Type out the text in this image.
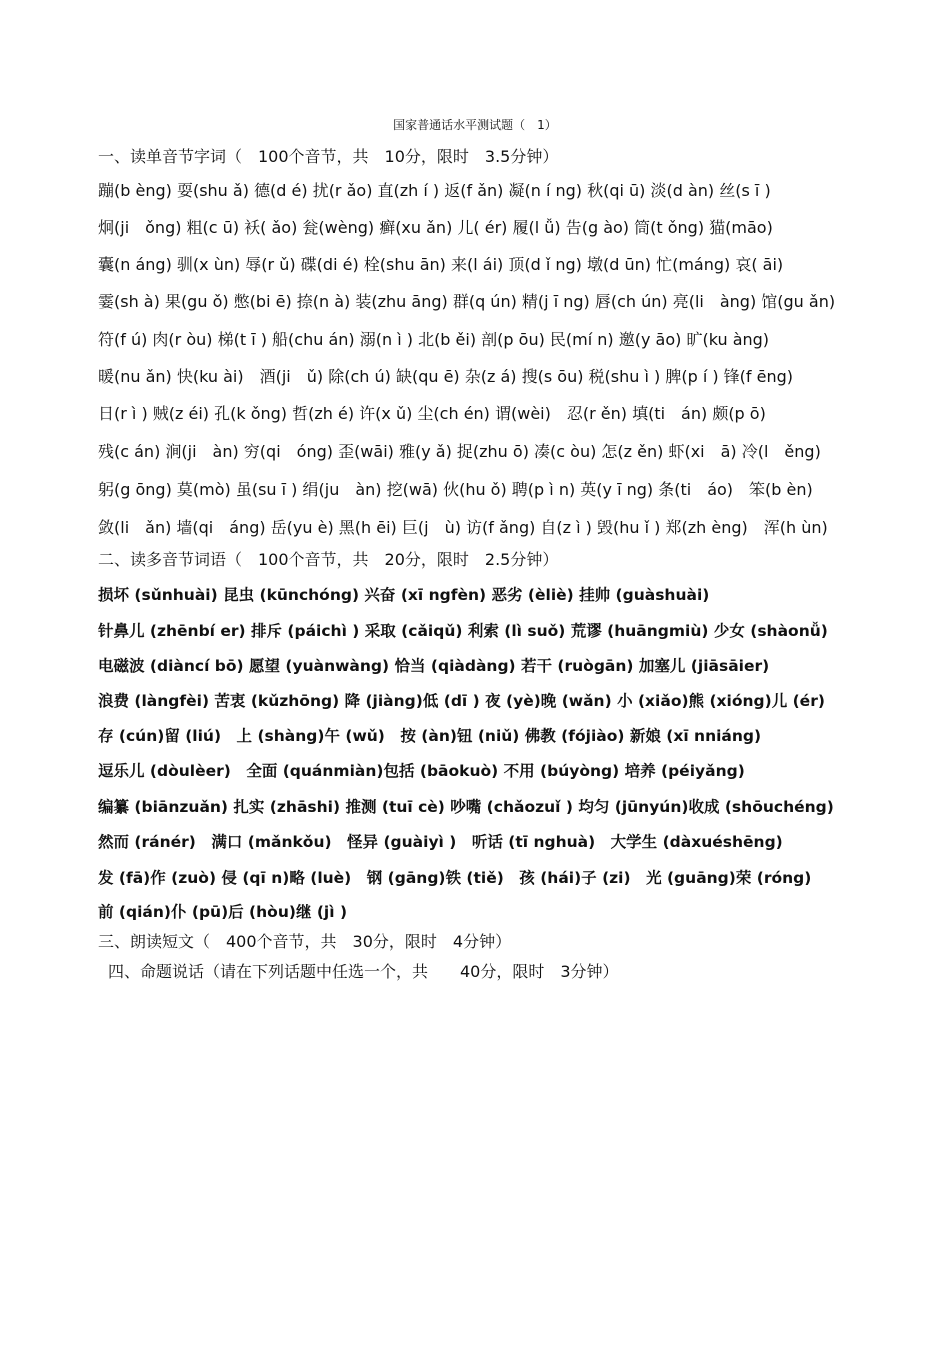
国家普通话水平测试题（　1）
一、读单音节字词（　100个音节，共　10分，限时　3.5分钟）
蹦(b èng) 耍(shu ǎ) 德(d é) 扰(r ǎo) 直(zh í ) 返(f ǎn) 凝(n í ng) 秋(qi ū) 淡(d àn) 丝(s ī )
炯(ji　ǒng) 粗(c ū) 袄( ǎo) 瓮(wèng) 癣(xu ǎn) 儿( ér) 履(l ǚ) 告(g ào) 筒(t ǒng) 猫(māo)
囊(n áng) 驯(x ùn) 辱(r ǔ) 碟(di é) 栓(shu ān) 来(l ái) 顶(d ǐ ng) 墩(d ūn) 忙(máng) 哀( āi)
霎(sh à) 果(gu ǒ) 憋(bi ē) 捺(n à) 装(zhu āng) 群(q ún) 精(j ī ng) 唇(ch ún) 亮(li　àng) 馆(gu ǎn)
符(f ú) 肉(r òu) 梯(t ī ) 船(chu án) 溺(n ì ) 北(b ěi) 剖(p ōu) 民(mí n) 邀(y āo) 旷(ku àng)
暖(nu ǎn) 快(ku ài)　酒(ji　ǔ) 除(ch ú) 缺(qu ē) 杂(z á) 搜(s ōu) 税(shu ì ) 脾(p í ) 锋(f ēng)
日(r ì ) 贼(z éi) 孔(k ǒng) 哲(zh é) 许(x ǔ) 尘(ch én) 谓(wèi)　忍(r ěn) 填(ti　án) 颇(p ō)
残(c án) 涧(ji　àn) 穷(qi　óng) 歪(wāi) 雅(y ǎ) 捉(zhu ō) 凑(c òu) 怎(z ěn) 虾(xi　ā) 冷(l　ěng)
躬(g ōng) 莫(mò) 虽(su ī ) 绢(ju　àn) 挖(wā) 伙(hu ǒ) 聘(p ì n) 英(y ī ng) 条(ti　áo)　笨(b èn)
敛(li　ǎn) 墙(qi　áng) 岳(yu è) 黑(h ēi) 巨(j　ù) 访(f ǎng) 自(z ì ) 毁(hu ǐ ) 郑(zh èng)　浑(h ùn)
二、读多音节词语（　100个音节，共　20分，限时　2.5分钟）
损坏 (sǔnhuài) 昆虫 (kūnchóng) 兴奋 (xī ngfèn) 恶劣 (èliè) 挂帅 (guàshuài)
针鼻儿 (zhēnbí er) 排斥 (páichì ) 采取 (cǎiqǔ) 利索 (lì suǒ) 荒谬 (huāngmiù) 少女 (shàonǚ)
电磁波 (diàncí bō) 愿望 (yuànwàng) 恰当 (qiàdàng) 若干 (ruògān) 加塞儿 (jiāsāier)
浪费 (làngfèi) 苦衷 (kǔzhōng) 降 (jiàng)低 (dī ) 夜 (yè)晚 (wǎn) 小 (xiǎo)熊 (xióng)儿 (ér)
存 (cún)留 (liú)　上 (shàng)午 (wǔ)　按 (àn)钮 (niǔ) 佛教 (fójiào) 新娘 (xī nniáng)
逗乐儿 (dòulèer)　全面 (quánmiàn)包括 (bāokuò) 不用 (búyòng) 培养 (péiyǎng)
编纂 (biānzuǎn) 扎实 (zhāshi) 推测 (tuī cè) 吵嘴 (chǎozuǐ ) 均匀 (jūnyún)收成 (shōuchéng)
然而 (ránér)　满口 (mǎnkǒu)　怪异 (guàiyì )　听话 (tī nghuà)　大学生 (dàxuéshēng)
发 (fā)作 (zuò) 侵 (qī n)略 (luè)　钢 (gāng)铁 (tiě)　孩 (hái)子 (zi)　光 (guāng)荣 (róng)
前 (qián)仆 (pū)后 (hòu)继 (jì )
三、朗读短文（　400个音节，共　30分，限时　4分钟）
四、命题说话（请在下列话题中任选一个，共　　40分，限时　3分钟）
